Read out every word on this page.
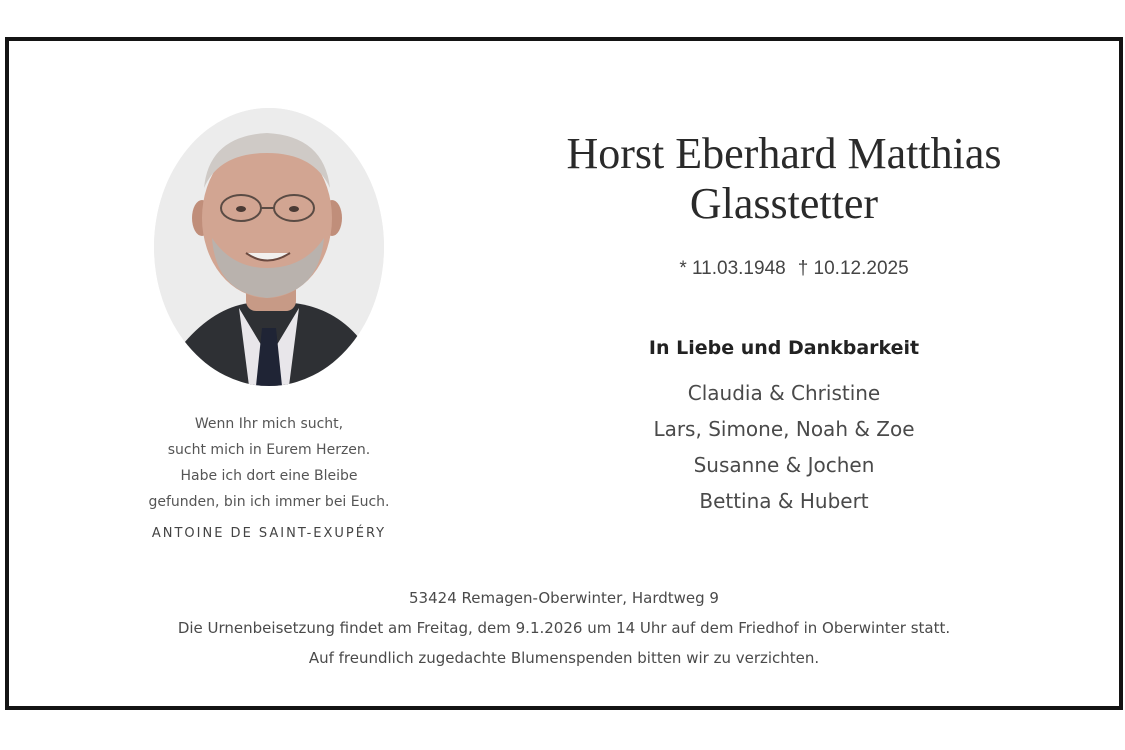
Wenn Ihr mich sucht,
sucht mich in Eurem Herzen.
Habe ich dort eine Bleibe
gefunden, bin ich immer bei Euch.

ANTOINE DE SAINT-EXUPÉRY

Horst Eberhard Matthias
Glasstetter

* 11.03.1948 † 10.12.2025

In Liebe und Dankbarkeit

Claudia & Christine
Lars, Simone, Noah & Zoe
Susanne & Jochen
Bettina & Hubert

53424 Remagen-Oberwinter, Hardtweg 9
Die Urnenbeisetzung findet am Freitag, dem 9.1.2026 um 14 Uhr auf dem Friedhof in Oberwinter statt.
Auf freundlich zugedachte Blumenspenden bitten wir zu verzichten.
